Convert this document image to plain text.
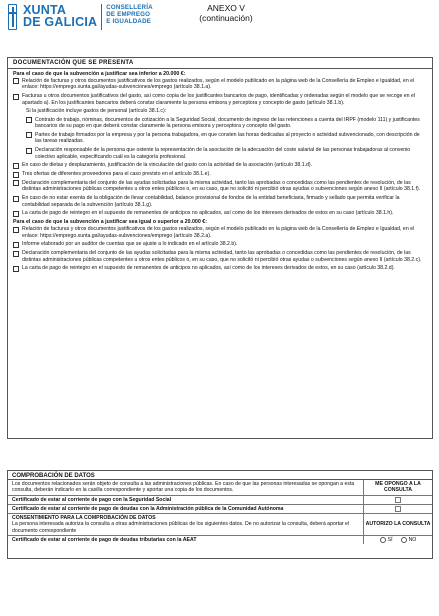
XUNTA
DE GALICIA
CONSELLERÍA
DE EMPREGO
E IGUALDADE
ANEXO V
(continuación)
DOCUMENTACIÓN QUE SE PRESENTA
Para el caso de que la subvención a justificar sea inferior a 20.000 €:
Relación de facturas y otros documentos justificativos de los gastos realizados, según el modelo publicado en la página web de la Consellería de Empleo e Igualdad, en el enlace: https://emprego.xunta.gal/ayudas-subvenciones/emprego (artículo 38.1.a).
Facturas u otros documentos justificativos del gasto, así como copia de los justificantes bancarios de pago, identificadas y ordenadas según el modelo que se recoge en el apartado a). En los justificantes bancarios deberá constar claramente la persona emisora y perceptora y concepto de gasto (artículo 38.1.b).
Si la justificación incluye gastos de personal (artículo 38.1.c):
Contrato de trabajo, nóminas, documentos de cotización a la Seguridad Social, documento de ingreso de las retenciones a cuenta del IRPF (modelo 111) y justificantes bancarios de su pago en que deberá constar claramente la persona emisora y perceptora y concepto del gasto.
Partes de trabajo firmados por la empresa y por la persona trabajadora, en que consten las horas dedicadas al proyecto o actividad subvencionado, con descripción de las tareas realizadas.
Declaración responsable de la persona que ostente la representación de la asociación de la adecuación del coste salarial de las personas trabajadoras al convenio colectivo aplicable, especificando cuál es la categoría profesional.
En caso de dietas y desplazamiento, justificación de la vinculación del gasto con la actividad de la asociación (artículo 38.1.d).
Tres ofertas de diferentes proveedores para el caso previsto en el artículo 38.1.e).
Declaración complementaria del conjunto de las ayudas solicitadas para la misma actividad, tanto las aprobadas o concedidas como las pendientes de resolución, de las distintas administraciones públicas competentes u otros entes públicos o, en su caso, que no solicitó ni percibió otras ayudas o subvenciones según anexo II (artículo 38.1.f).
En caso de no estar exenta de la obligación de llevar contabilidad, balance provisional de fondos de la entidad beneficiaria, firmado y sellado que permita verificar la contabilidad separada de la subvención (artículo 38.1.g).
La carta de pago de reintegro en el supuesto de remanentes de anticipos no aplicados, así como de los intereses derivados de estos en su caso (artículo 38.1.h).
Para el caso de que la subvención a justificar sea igual o superior a 20.000 €:
Relación de facturas y otros documentos justificativos de los gastos realizados, según el modelo publicado en la página web de la Consellería de Empleo e Igualdad, en el enlace: https://emprego.xunta.gal/ayudas-subvenciones/emprego (artículo 38.2.a).
Informe elaborado por un auditor de cuentas que se ajuste a lo indicado en el artículo 38.2.b).
Declaración complementaria del conjunto de las ayudas solicitadas para la misma actividad, tanto las aprobadas o concedidas como las pendientes de resolución, de las distintas administraciones públicas competentes u otros entes públicos o, en su caso, que no solicitó ni percibió otras ayudas o subvenciones según anexo II (artículo 38.2.c).
La carta de pago de reintegro en el supuesto de remanentes de anticipos no aplicados, así como de los intereses derivados de estos, en su caso (artículo 38.2.d).
COMPROBACIÓN DE DATOS
Los documentos relacionados serán objeto de consulta a las administraciones públicas. En caso de que las personas interesadas se opongan a esta consulta, deberán indicarlo en la casilla correspondiente y aportar una copia de los documentos.
ME OPONGO A LA CONSULTA
Certificado de estar al corriente de pago con la Seguridad Social
Certificado de estar al corriente de pago de deudas con la Administración pública de la Comunidad Autónoma
CONSENTIMIENTO PARA LA COMPROBACIÓN DE DATOS
La persona interesada autoriza la consulta a otras administraciones públicas de los siguientes datos. De no autorizar la consulta, deberá aportar el documento correspondiente
AUTORIZO LA CONSULTA
Certificado de estar al corriente de pago de deudas tributarias con la AEAT	SÍ	NO
